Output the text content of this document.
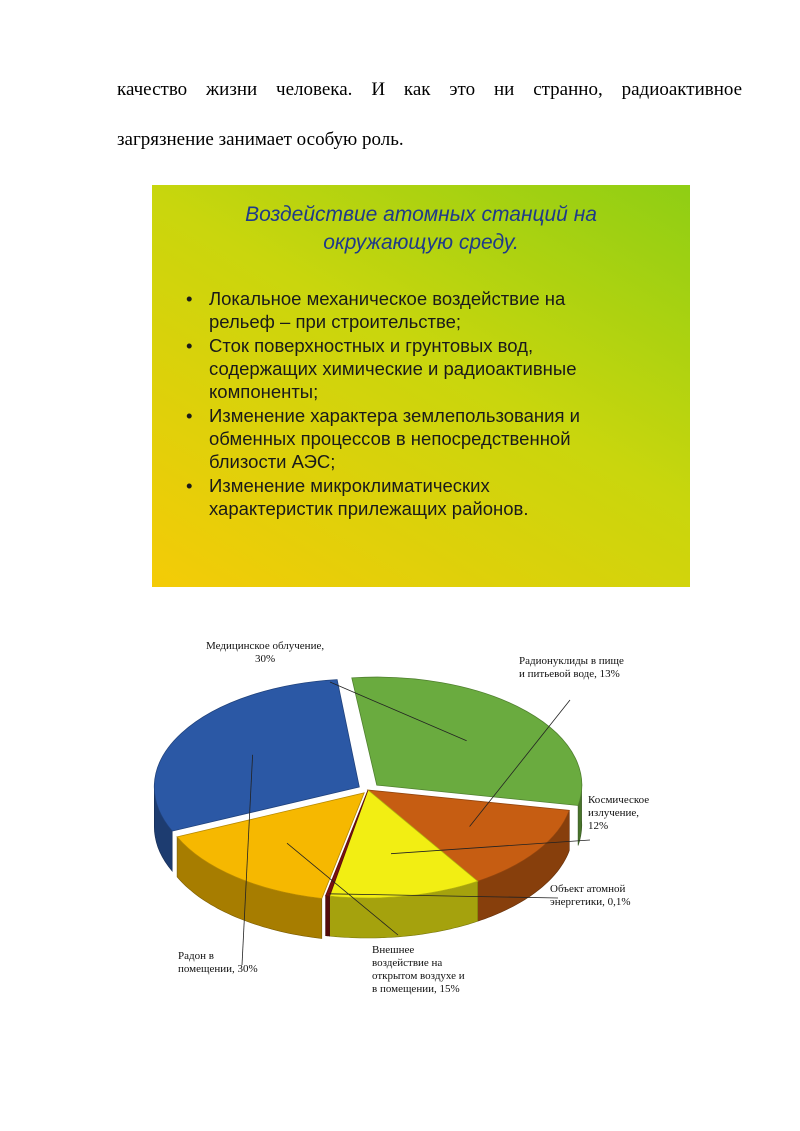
качество жизни человека. И как это ни странно, радиоактивное
загрязнение занимает особую роль.
Воздействие атомных станций на
окружающую среду.
• Локальное механическое воздействие на
рельеф – при строительстве;
• Сток поверхностных и грунтовых вод,
содержащих химические и радиоактивные
компоненты;
• Изменение характера землепользования и
обменных процессов в непосредственной
близости АЭС;
• Изменение микроклиматических
характеристик прилежащих районов.
Медицинское облучение,
30%	Радионуклиды в пище
и питьевой воде, 13%
Космическое
излучение,
12%
Объект атомной
энергетики, 0,1%
Внешнее
воздействие на
открытом воздухе и
в помещении, 15%
Радон в
помещении, 30%
